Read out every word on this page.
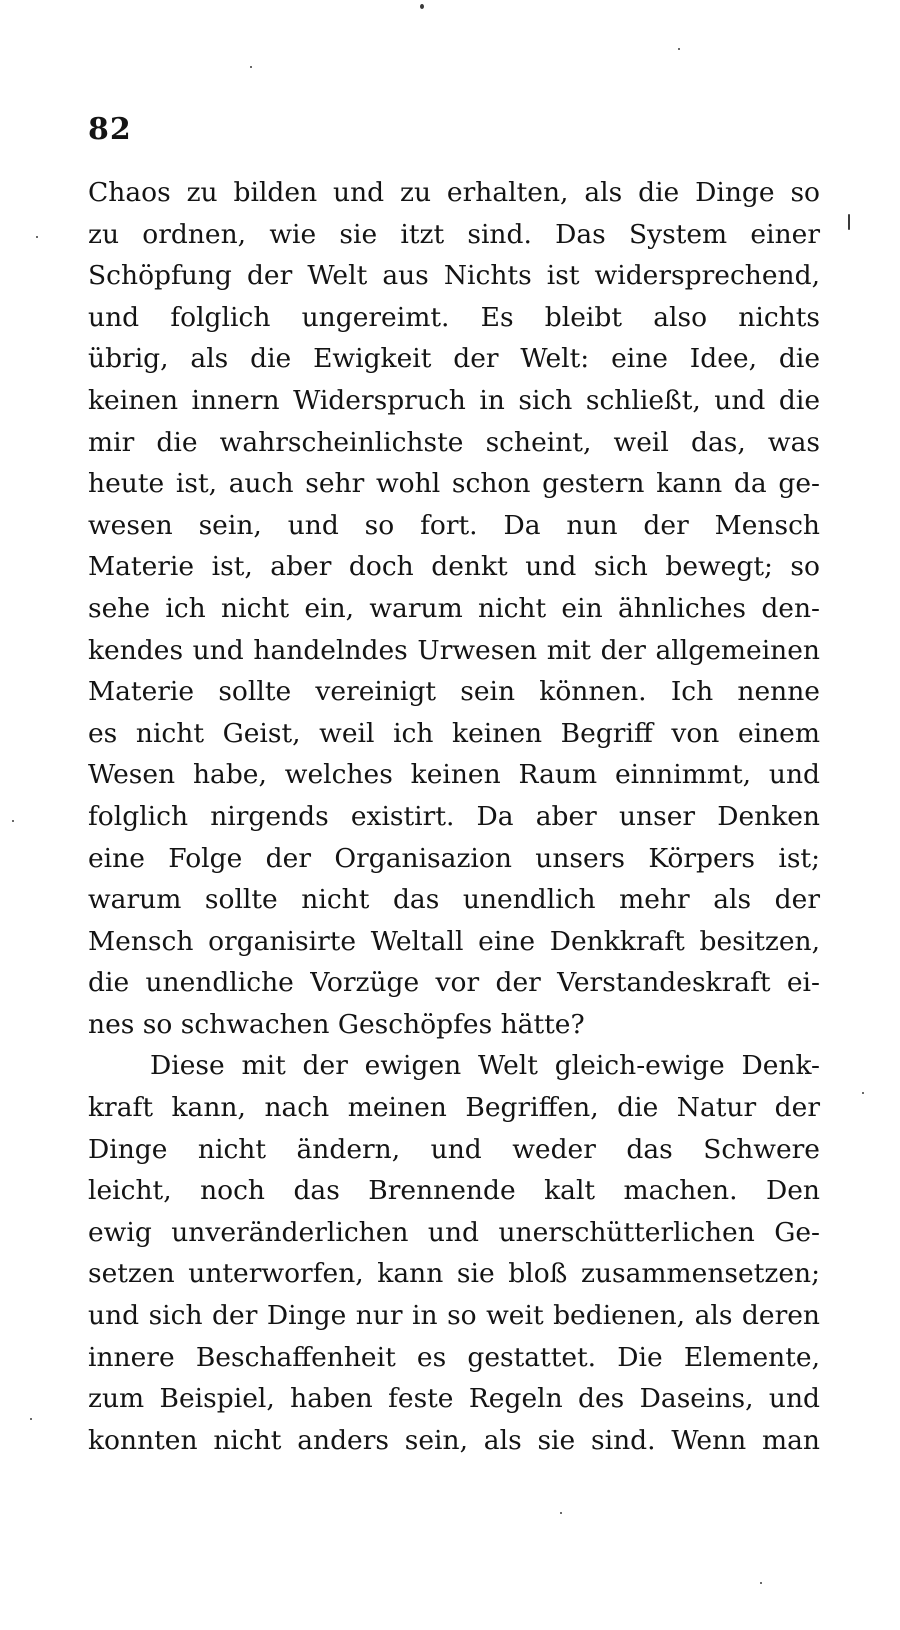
82
Chaos zu bilden und zu erhalten, als die Dinge so
zu ordnen, wie sie itzt sind. Das System einer
Schöpfung der Welt aus Nichts ist widersprechend,
und folglich ungereimt. Es bleibt also nichts
übrig, als die Ewigkeit der Welt: eine Idee, die
keinen innern Widerspruch in sich schließt, und die
mir die wahrscheinlichste scheint, weil das, was
heute ist, auch sehr wohl schon gestern kann da ge-
wesen sein, und so fort. Da nun der Mensch
Materie ist, aber doch denkt und sich bewegt; so
sehe ich nicht ein, warum nicht ein ähnliches den-
kendes und handelndes Urwesen mit der allgemeinen
Materie sollte vereinigt sein können. Ich nenne
es nicht Geist, weil ich keinen Begriff von einem
Wesen habe, welches keinen Raum einnimmt, und
folglich nirgends existirt. Da aber unser Denken
eine Folge der Organisazion unsers Körpers ist;
warum sollte nicht das unendlich mehr als der
Mensch organisirte Weltall eine Denkkraft besitzen,
die unendliche Vorzüge vor der Verstandeskraft ei-
nes so schwachen Geschöpfes hätte?
Diese mit der ewigen Welt gleich-ewige Denk-
kraft kann, nach meinen Begriffen, die Natur der
Dinge nicht ändern, und weder das Schwere
leicht, noch das Brennende kalt machen. Den
ewig unveränderlichen und unerschütterlichen Ge-
setzen unterworfen, kann sie bloß zusammensetzen;
und sich der Dinge nur in so weit bedienen, als deren
innere Beschaffenheit es gestattet. Die Elemente,
zum Beispiel, haben feste Regeln des Daseins, und
konnten nicht anders sein, als sie sind. Wenn man
